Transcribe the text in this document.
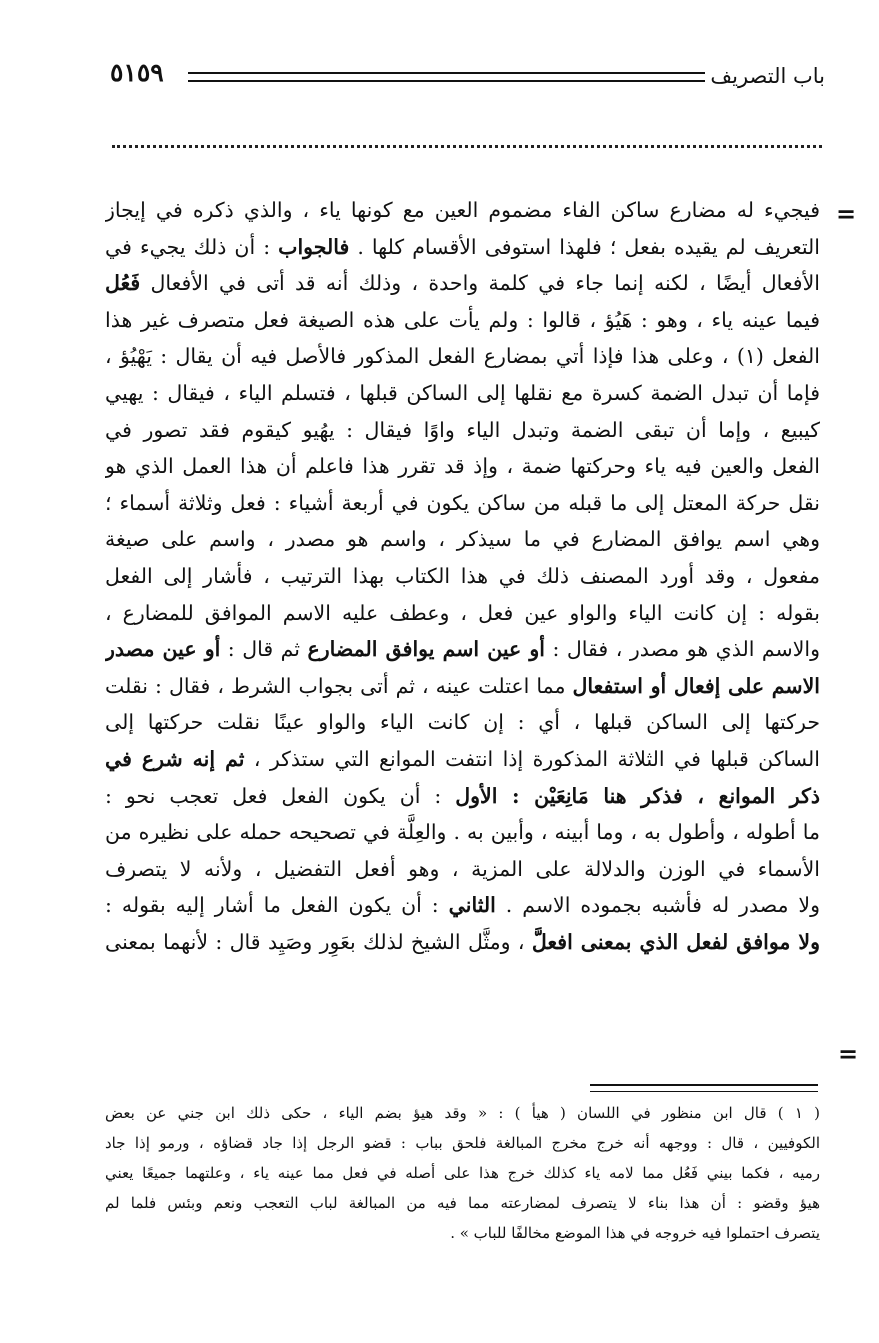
باب التصريف
٥١٥٩
=
فيجيء له مضارع ساكن الفاء مضموم العين مع كونها ياء ، والذي ذكره في إيجاز
التعريف لم يقيده بفعل ؛ فلهذا استوفى الأقسام كلها . فالجواب : أن ذلك يجيء في
الأفعال أيضًا ، لكنه إنما جاء في كلمة واحدة ، وذلك أنه قد أتى في الأفعال فَعُل
فيما عينه ياء ، وهو : هَيُؤ ، قالوا : ولم يأت على هذه الصيغة فعل متصرف غير هذا
الفعل (١) ، وعلى هذا فإذا أتي بمضارع الفعل المذكور فالأصل فيه أن يقال : يَهْيُؤ ،
فإما أن تبدل الضمة كسرة مع نقلها إلى الساكن قبلها ، فتسلم الياء ، فيقال : يهيي
كيبيع ، وإما أن تبقى الضمة وتبدل الياء واوًا فيقال : يهُيو كيقوم فقد تصور في
الفعل والعين فيه ياء وحركتها ضمة ، وإذ قد تقرر هذا فاعلم أن هذا العمل الذي هو
نقل حركة المعتل إلى ما قبله من ساكن يكون في أربعة أشياء : فعل وثلاثة أسماء ؛
وهي اسم يوافق المضارع في ما سيذكر ، واسم هو مصدر ، واسم على صيغة
مفعول ، وقد أورد المصنف ذلك في هذا الكتاب بهذا الترتيب ، فأشار إلى الفعل
بقوله : إن كانت الياء والواو عين فعل ، وعطف عليه الاسم الموافق للمضارع ،
والاسم الذي هو مصدر ، فقال : أو عين اسم يوافق المضارع ثم قال : أو عين مصدر
الاسم على إفعال أو استفعال مما اعتلت عينه ، ثم أتى بجواب الشرط ، فقال : نقلت
حركتها إلى الساكن قبلها ، أي : إن كانت الياء والواو عينًا نقلت حركتها إلى
الساكن قبلها في الثلاثة المذكورة إذا انتفت الموانع التي ستذكر ، ثم إنه شرع في
ذكر الموانع ، فذكر هنا مَانِعَيْن : الأول : أن يكون الفعل فعل تعجب نحو :
ما أطوله ، وأطول به ، وما أبينه ، وأبين به . والعِلَّة في تصحيحه حمله على نظيره من
الأسماء في الوزن والدلالة على المزية ، وهو أفعل التفضيل ، ولأنه لا يتصرف
ولا مصدر له فأشبه بجموده الاسم . الثاني : أن يكون الفعل ما أشار إليه بقوله :
ولا موافق لفعل الذي بمعنى افعلَّ ، ومثَّل الشيخ لذلك بعَوِر وصَيِد قال : لأنهما بمعنى
=
( ١ ) قال ابن منظور في اللسان ( هيأ ) : « وقد هيؤ بضم الياء ، حكى ذلك ابن جني عن بعض
الكوفيين ، قال : ووجهه أنه خرج مخرج المبالغة فلحق بباب : قضو الرجل إذا جاد قضاؤه ، ورمو إذا جاد
رميه ، فكما بيني فَعُل مما لامه ياء كذلك خرج هذا على أصله في فعل مما عينه ياء ، وعلتهما جميعًا يعني
هيؤ وقضو : أن هذا بناء لا يتصرف لمضارعته مما فيه من المبالغة لباب التعجب ونعم وبئس فلما لم
يتصرف احتملوا فيه خروجه في هذا الموضع مخالفًا للباب » .
